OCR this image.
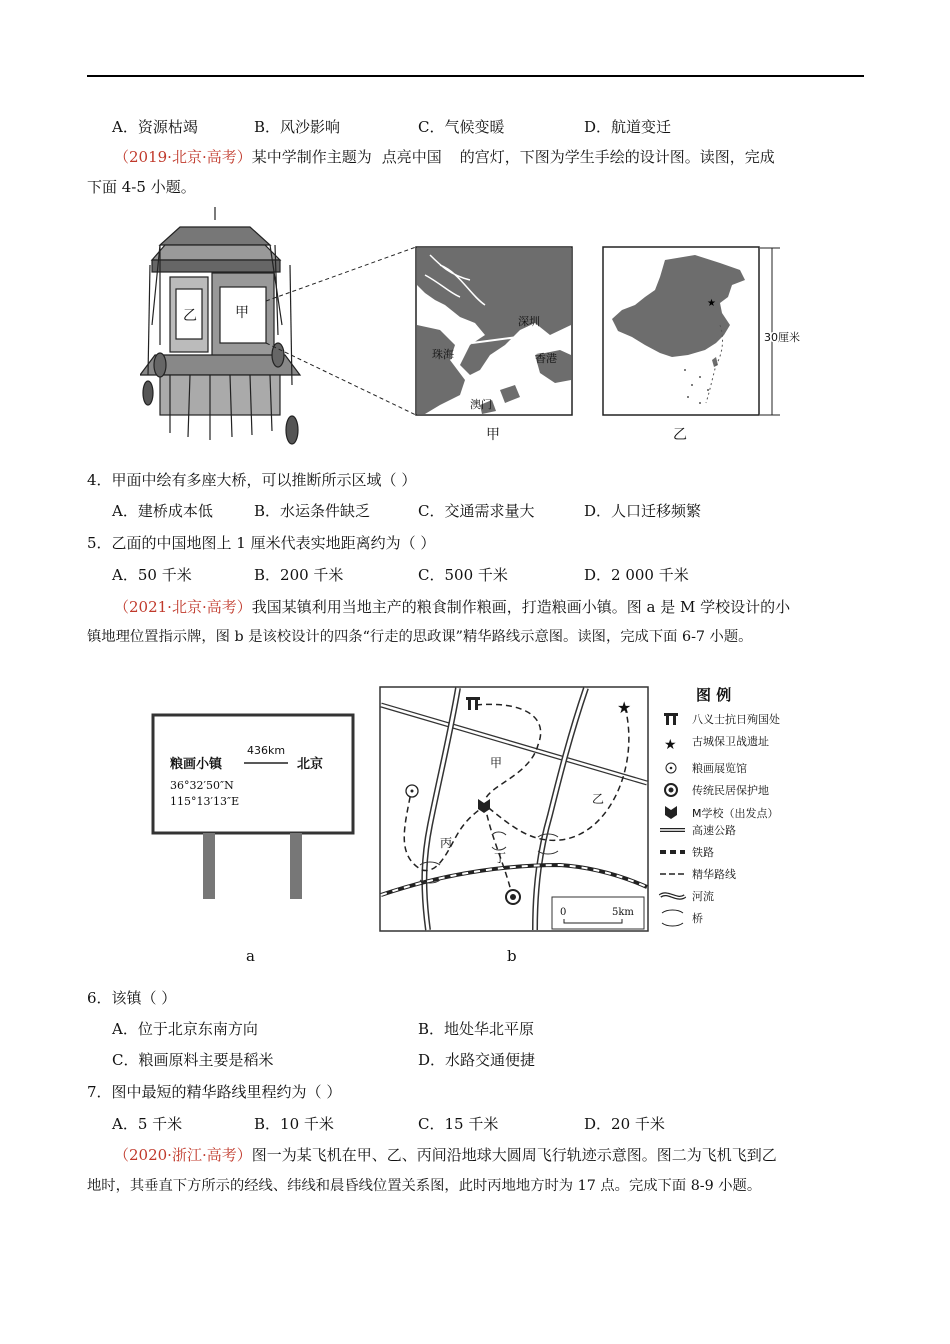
A．资源枯竭	B．风沙影响	C．气候变暖	D．航道变迁
（2019·北京·高考）某中学制作主题为 点亮中国 的宫灯，下图为学生手绘的设计图。读图，完成
下面 4-5 小题。
乙	甲
深圳
珠海	香港
澳门
★
30厘米
甲	乙
4．甲面中绘有多座大桥，可以推断所示区域（ ）
A．建桥成本低	B．水运条件缺乏	C．交通需求量大	D．人口迁移频繁
5．乙面的中国地图上 1 厘米代表实地距离约为（ ）
A．50 千米	B．200 千米	C．500 千米	D．2 000 千米
（2021·北京·高考）我国某镇利用当地主产的粮食制作粮画，打造粮画小镇。图 a 是 M 学校设计的小
镇地理位置指示牌，图 b 是该校设计的四条“行走的思政课”精华路线示意图。读图，完成下面 6-7 小题。
粮画小镇
436km
北京
36°32′50″N
115°13′13″E
★
甲
乙
丙
丁
0	5km
图 例
★
八义士抗日殉国处
古城保卫战遗址
粮画展览馆
传统民居保护地
M学校（出发点）
高速公路
铁路
精华路线
河流
桥
a	b
6．该镇（ ）
A．位于北京东南方向	B．地处华北平原
C．粮画原料主要是稻米	D．水路交通便捷
7．图中最短的精华路线里程约为（ ）
A．5 千米	B．10 千米	C．15 千米	D．20 千米
（2020·浙江·高考）图一为某飞机在甲、乙、丙间沿地球大圆周飞行轨迹示意图。图二为飞机飞到乙
地时，其垂直下方所示的经线、纬线和晨昏线位置关系图，此时丙地地方时为 17 点。完成下面 8-9 小题。
